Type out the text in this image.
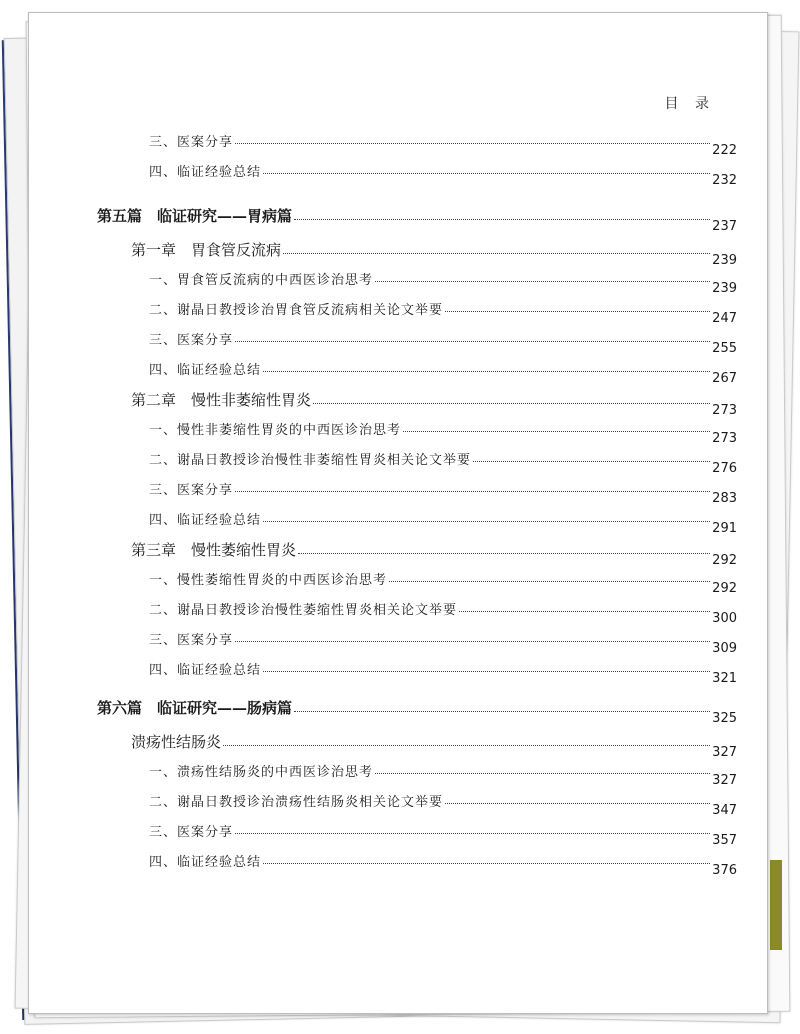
目 录
三、医案分享
222
四、临证经验总结
232
第五篇　临证研究——胃病篇
237
第一章　胃食管反流病
239
一、胃食管反流病的中西医诊治思考
239
二、谢晶日教授诊治胃食管反流病相关论文举要
247
三、医案分享
255
四、临证经验总结
267
第二章　慢性非萎缩性胃炎
273
一、慢性非萎缩性胃炎的中西医诊治思考
273
二、谢晶日教授诊治慢性非萎缩性胃炎相关论文举要
276
三、医案分享
283
四、临证经验总结
291
第三章　慢性萎缩性胃炎
292
一、慢性萎缩性胃炎的中西医诊治思考
292
二、谢晶日教授诊治慢性萎缩性胃炎相关论文举要
300
三、医案分享
309
四、临证经验总结
321
第六篇　临证研究——肠病篇
325
溃疡性结肠炎
327
一、溃疡性结肠炎的中西医诊治思考
327
二、谢晶日教授诊治溃疡性结肠炎相关论文举要
347
三、医案分享
357
四、临证经验总结
376
